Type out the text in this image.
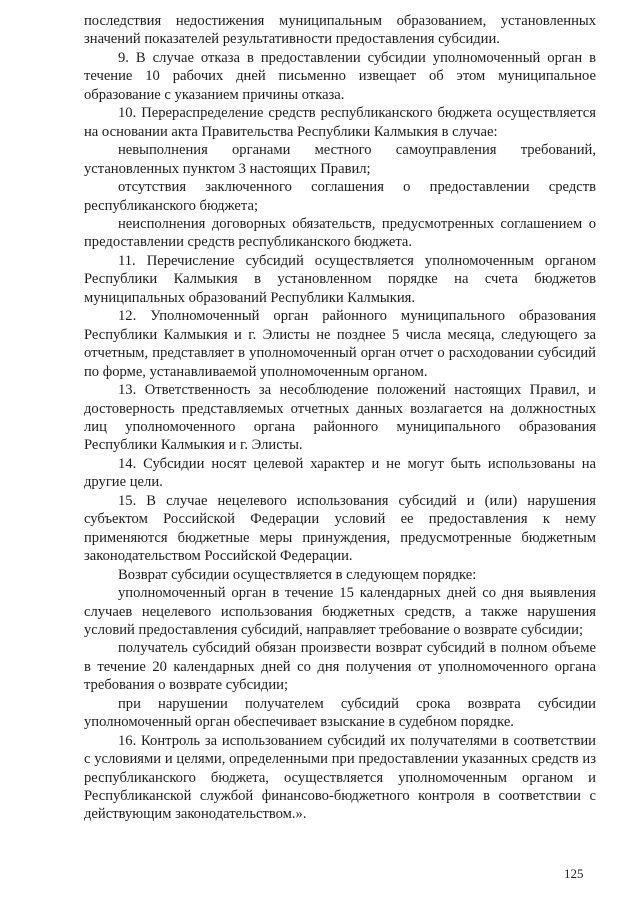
последствия недостижения муниципальным образованием, установленных значений показателей результативности предоставления субсидии.

9. В случае отказа в предоставлении субсидии уполномоченный орган в течение 10 рабочих дней письменно извещает об этом муниципальное образование с указанием причины отказа.

10. Перераспределение средств республиканского бюджета осуществляется на основании акта Правительства Республики Калмыкия в случае:

невыполнения органами местного самоуправления требований, установленных пунктом 3 настоящих Правил;

отсутствия заключенного соглашения о предоставлении средств республиканского бюджета;

неисполнения договорных обязательств, предусмотренных соглашением о предоставлении средств республиканского бюджета.

11. Перечисление субсидий осуществляется уполномоченным органом Республики Калмыкия в установленном порядке на счета бюджетов муниципальных образований Республики Калмыкия.

12. Уполномоченный орган районного муниципального образования Республики Калмыкия и г. Элисты не позднее 5 числа месяца, следующего за отчетным, представляет в уполномоченный орган отчет о расходовании субсидий по форме, устанавливаемой уполномоченным органом.

13. Ответственность за несоблюдение положений настоящих Правил, и достоверность представляемых отчетных данных возлагается на должностных лиц уполномоченного органа районного муниципального образования Республики Калмыкия и г. Элисты.

14. Субсидии носят целевой характер и не могут быть использованы на другие цели.

15. В случае нецелевого использования субсидий и (или) нарушения субъектом Российской Федерации условий ее предоставления к нему применяются бюджетные меры принуждения, предусмотренные бюджетным законодательством Российской Федерации.

Возврат субсидии осуществляется в следующем порядке:

уполномоченный орган в течение 15 календарных дней со дня выявления случаев нецелевого использования бюджетных средств, а также нарушения условий предоставления субсидий, направляет требование о возврате субсидии;

получатель субсидий обязан произвести возврат субсидий в полном объеме в течение 20 календарных дней со дня получения от уполномоченного органа требования о возврате субсидии;

при нарушении получателем субсидий срока возврата субсидии уполномоченный орган обеспечивает взыскание в судебном порядке.

16. Контроль за использованием субсидий их получателями в соответствии с условиями и целями, определенными при предоставлении указанных средств из республиканского бюджета, осуществляется уполномоченным органом и Республиканской службой финансово-бюджетного контроля в соответствии с действующим законодательством.».

125
